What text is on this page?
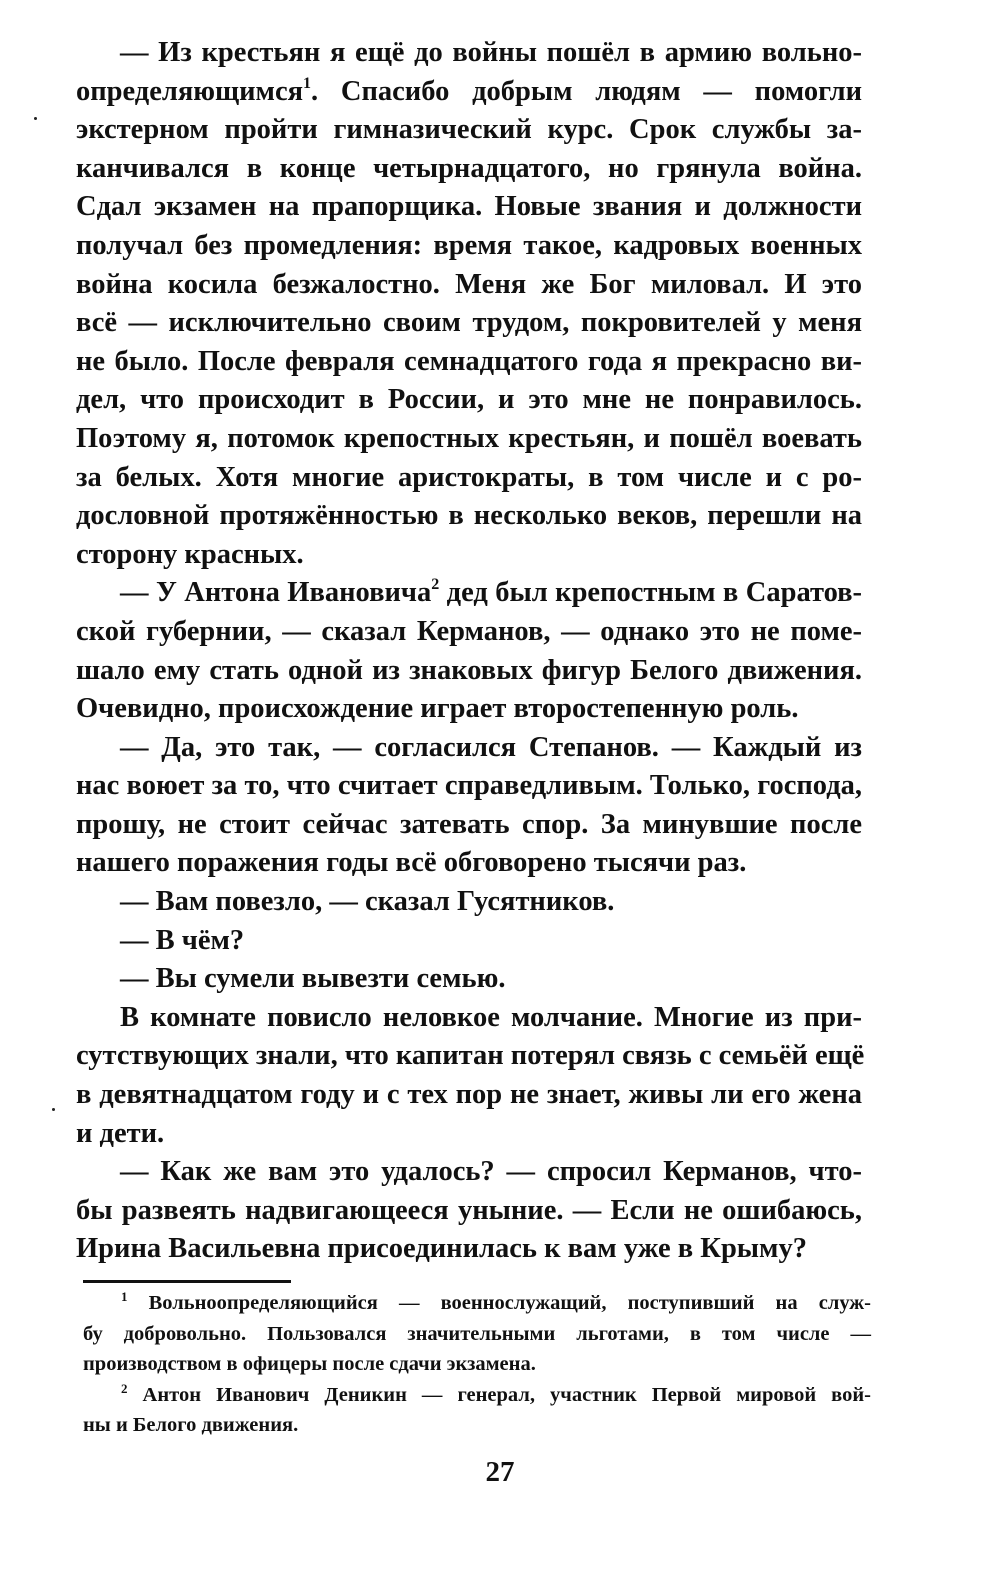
— Из крестьян я ещё до войны пошёл в армию вольно-
определяющимся$^1$. Спасибо добрым людям — помогли
экстерном пройти гимназический курс. Срок службы за-
канчивался в конце четырнадцатого, но грянула война.
Сдал экзамен на прапорщика. Новые звания и должности
получал без промедления: время такое, кадровых военных
война косила безжалостно. Меня же Бог миловал. И это
всё — исключительно своим трудом, покровителей у меня
не было. После февраля семнадцатого года я прекрасно ви-
дел, что происходит в России, и это мне не понравилось.
Поэтому я, потомок крепостных крестьян, и пошёл воевать
за белых. Хотя многие аристократы, в том числе и с ро-
дословной протяжённостью в несколько веков, перешли на
сторону красных.
— У Антона Ивановича$^2$ дед был крепостным в Саратов-
ской губернии, — сказал Керманов, — однако это не поме-
шало ему стать одной из знаковых фигур Белого движения.
Очевидно, происхождение играет второстепенную роль.
— Да, это так, — согласился Степанов. — Каждый из
нас воюет за то, что считает справедливым. Только, господа,
прошу, не стоит сейчас затевать спор. За минувшие после
нашего поражения годы всё обговорено тысячи раз.
— Вам повезло, — сказал Гусятников.
— В чём?
— Вы сумели вывезти семью.
В комнате повисло неловкое молчание. Многие из при-
сутствующих знали, что капитан потерял связь с семьёй ещё
в девятнадцатом году и с тех пор не знает, живы ли его жена
и дети.
— Как же вам это удалось? — спросил Керманов, что-
бы развеять надвигающееся уныние. — Если не ошибаюсь,
Ирина Васильевна присоединилась к вам уже в Крыму?
$^1$ Вольноопределяющийся — военнослужащий, поступивший на служ-
бу добровольно. Пользовался значительными льготами, в том числе —
производством в офицеры после сдачи экзамена.
$^2$ Антон Иванович Деникин — генерал, участник Первой мировой вой-
ны и Белого движения.
27
